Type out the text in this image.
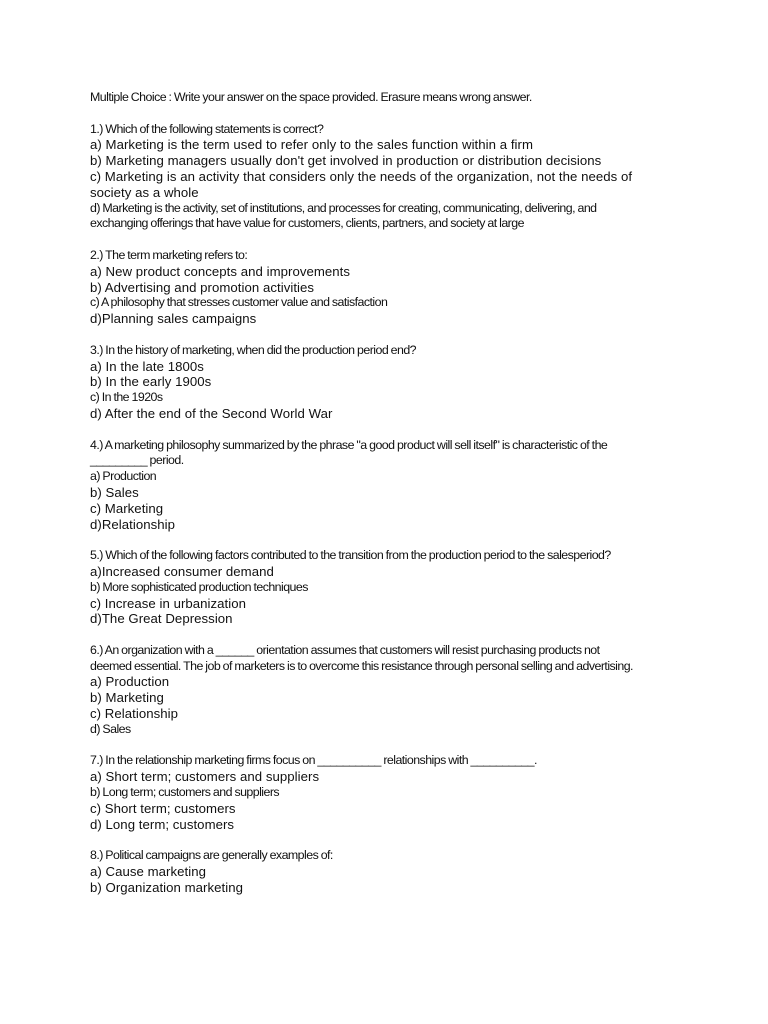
Multiple Choice : Write your answer on the space provided. Erasure means wrong answer.

1.) Which of the following statements is correct?

a) Marketing is the term used to refer only to the sales function within a firm

b) Marketing managers usually don't get involved in production or distribution decisions

c) Marketing is an activity that considers only the needs of the organization, not the needs of

society as a whole

d) Marketing is the activity, set of institutions, and processes for creating, communicating, delivering, and

exchanging offerings that have value for customers, clients, partners, and society at large

2.) The term marketing refers to:

a) New product concepts and improvements

b) Advertising and promotion activities

c) A philosophy that stresses customer value and satisfaction

d)Planning sales campaigns

3.) In the history of marketing, when did the production period end?

a) In the late 1800s

b) In the early 1900s

c) In the 1920s

d) After the end of the Second World War

4.) A marketing philosophy summarized by the phrase "a good product will sell itself" is characteristic of the

_________ period.

a) Production

b) Sales

c) Marketing

d)Relationship

5.) Which of the following factors contributed to the transition from the production period to the salesperiod?

a)Increased consumer demand

b) More sophisticated production techniques

c) Increase in urbanization

d)The Great Depression

6.) An organization with a ______ orientation assumes that customers will resist purchasing products not

deemed essential. The job of marketers is to overcome this resistance through personal selling and advertising.

a) Production

b) Marketing

c) Relationship

d) Sales

7.) In the relationship marketing firms focus on __________ relationships with __________.

a) Short term; customers and suppliers

b) Long term; customers and suppliers

c) Short term; customers

d) Long term; customers

8.) Political campaigns are generally examples of:

a) Cause marketing

b) Organization marketing
